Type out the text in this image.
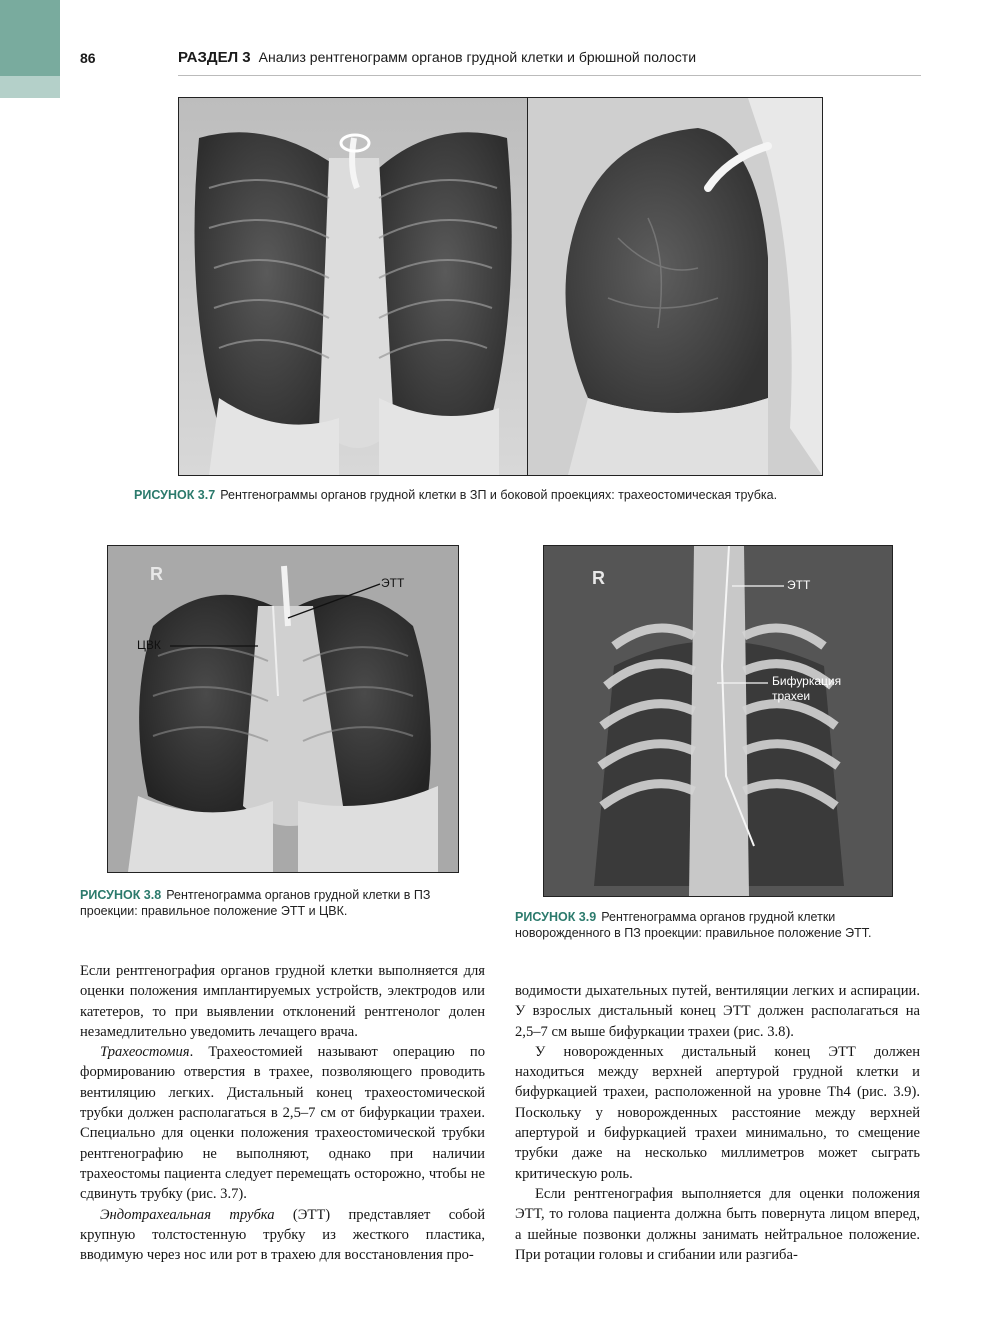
86	РАЗДЕЛ 3 Анализ рентгенограмм органов грудной клетки и брюшной полости
РИСУНОК 3.7 Рентгенограммы органов грудной клетки в ЗП и боковой проекциях: трахеостомическая трубка.
R	ЭТТ
ЦВК
РИСУНОК 3.8 Рентгенограмма органов грудной клетки в ПЗ проекции: правильное положение ЭТТ и ЦВК.
R	ЭТТ
Бифуркация
трахеи
РИСУНОК 3.9 Рентгенограмма органов грудной клетки новорожденного в ПЗ проекции: правильное положение ЭТТ.

Если рентгенография органов грудной клетки выполняется для оценки положения имплантируемых устройств, электродов или катетеров, то при выявлении отклонений рентгенолог долен незамедлительно уведомить лечащего врача.

Трахеостомия. Трахеостомией называют операцию по формированию отверстия в трахее, позволяющего проводить вентиляцию легких. Дистальный конец трахеостомической трубки должен располагаться в 2,5–7 см от бифуркации трахеи. Специально для оценки положения трахеостомической трубки рентгенографию не выполняют, однако при наличии трахеостомы пациента следует перемещать осторожно, чтобы не сдвинуть трубку (рис. 3.7).

Эндотрахеальная трубка (ЭТТ) представляет собой крупную толстостенную трубку из жесткого пластика, вводимую через нос или рот в трахею для восстановления про-

водимости дыхательных путей, вентиляции легких и аспирации. У взрослых дистальный конец ЭТТ должен располагаться на 2,5–7 см выше бифуркации трахеи (рис. 3.8).

У новорожденных дистальный конец ЭТТ должен находиться между верхней апертурой грудной клетки и бифуркацией трахеи, расположенной на уровне Th4 (рис. 3.9). Поскольку у новорожденных расстояние между верхней апертурой и бифуркацией трахеи минимально, то смещение трубки даже на несколько миллиметров может сыграть критическую роль.

Если рентгенография выполняется для оценки положения ЭТТ, то голова пациента должна быть повернута лицом вперед, а шейные позвонки должны занимать нейтральное положение. При ротации головы и сгибании или разгиба-
